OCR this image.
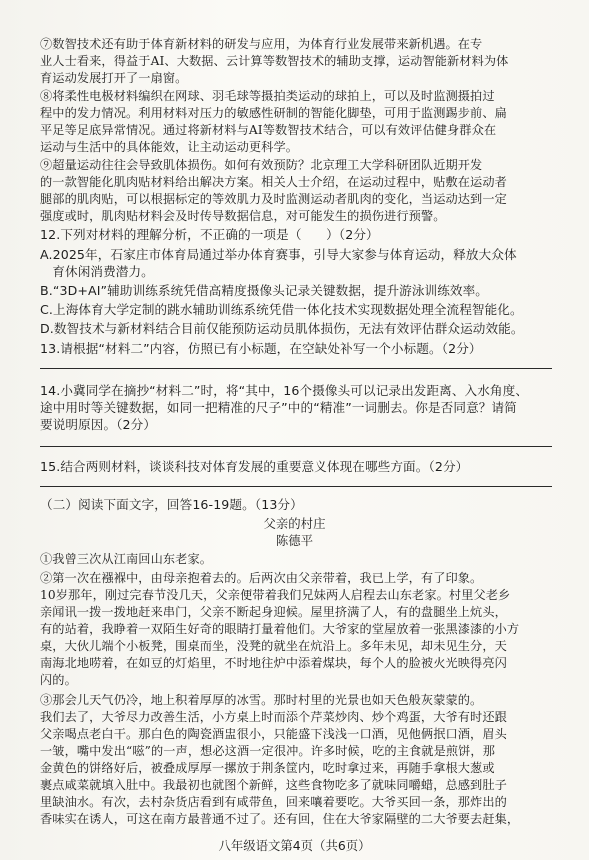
⑦数智技术还有助于体育新材料的研发与应用，为体育行业发展带来新机遇。在专
业人士看来，得益于AI、大数据、云计算等数智技术的辅助支撑，运动智能新材料为体
育运动发展打开了一扇窗。

⑧将柔性电极材料编织在网球、羽毛球等摄拍类运动的球拍上，可以及时监测摄拍过
程中的发力情况。利用材料对压力的敏感性研制的智能化脚垫，可用于监测踢步前、扁
平足等足底异常情况。通过将新材料与AI等数智技术结合，可以有效评估健身群众在
运动与生活中的具体能效，让主动运动更科学。

⑨超量运动往往会导致肌体损伤。如何有效预防？北京理工大学科研团队近期开发
的一款智能化肌肉贴材料给出解决方案。相关人士介绍，在运动过程中，贴敷在运动者
腿部的肌肉贴，可以根据标定的等效肌力及时监测运动者肌肉的变化，当运动达到一定
强度或时，肌肉贴材料会及时传导数据信息，对可能发生的损伤进行预警。

12.下列对材料的理解分析，不正确的一项是（      ）（2分）

A.2025年，石家庄市体育局通过举办体育赛事，引导大家参与体育运动，释放大众体
育休闲消费潜力。

B.“3D+AI”辅助训练系统凭借高精度摄像头记录关键数据，提升游泳训练效率。

C.上海体育大学定制的跳水辅助训练系统凭借一体化技术实现数据处理全流程智能化。

D.数智技术与新材料结合目前仅能预防运动员肌体损伤，无法有效评估群众运动效能。

13.请根据“材料二”内容，仿照已有小标题，在空缺处补写一个小标题。（2分）

14.小冀同学在摘抄“材料二”时，将“其中，16个摄像头可以记录出发距离、入水角度、
途中用时等关键数据，如同一把精准的尺子”中的“精准”一词删去。你是否同意？请简
要说明原因。（2分）

15.结合两则材料，谈谈科技对体育发展的重要意义体现在哪些方面。（2分）

（二）阅读下面文字，回答16-19题。（13分）

父亲的村庄
陈德平

①我曾三次从江南回山东老家。

②第一次在襁褓中，由母亲抱着去的。后两次由父亲带着，我已上学，有了印象。
10岁那年，刚过完春节没几天，父亲便带着我们兄妹两人启程去山东老家。村里父老乡
亲闻讯一拨一拨地赶来串门，父亲不断起身迎候。屋里挤满了人，有的盘腿坐上炕头，
有的站着，我睁着一双陌生好奇的眼睛打量着他们。大爷家的堂屋放着一张黑漆漆的小方
桌，大伙儿端个小板凳，围桌而坐，没凳的就坐在炕沿上。多年未见，却未见生分，天
南海北地唠着，在如豆的灯焰里，不时地往炉中添着煤块，每个人的脸被火光映得亮闪
闪的。

③那会儿天气仍冷，地上积着厚厚的冰雪。那时村里的光景也如天色般灰蒙蒙的。
我们去了，大爷尽力改善生活，小方桌上时而添个芹菜炒肉、炒个鸡蛋，大爷有时还跟
父亲喝点老白干。那白色的陶瓷酒盅很小，只能盛下浅浅一口酒，见他俩抿口酒，眉头
一皱，嘴中发出“嗞”的一声，想必这酒一定很冲。许多时候，吃的主食就是煎饼，那
金黄色的饼络好后，被叠成厚厚一摞放于荆条筐内，吃时拿过来，再随手拿根大葱或
裹点咸菜就填入肚中。我最初也就图个新鲜，这些食物吃多了就味同嚼蜡，总感到肚子
里缺油水。有次，去村杂货店看到有咸带鱼，回来嚷着要吃。大爷买回一条，那炸出的
香味实在诱人，可这在南方最普通不过了。还有回，住在大爷家隔壁的二大爷要去赶集，

八年级语文第4页（共6页）
